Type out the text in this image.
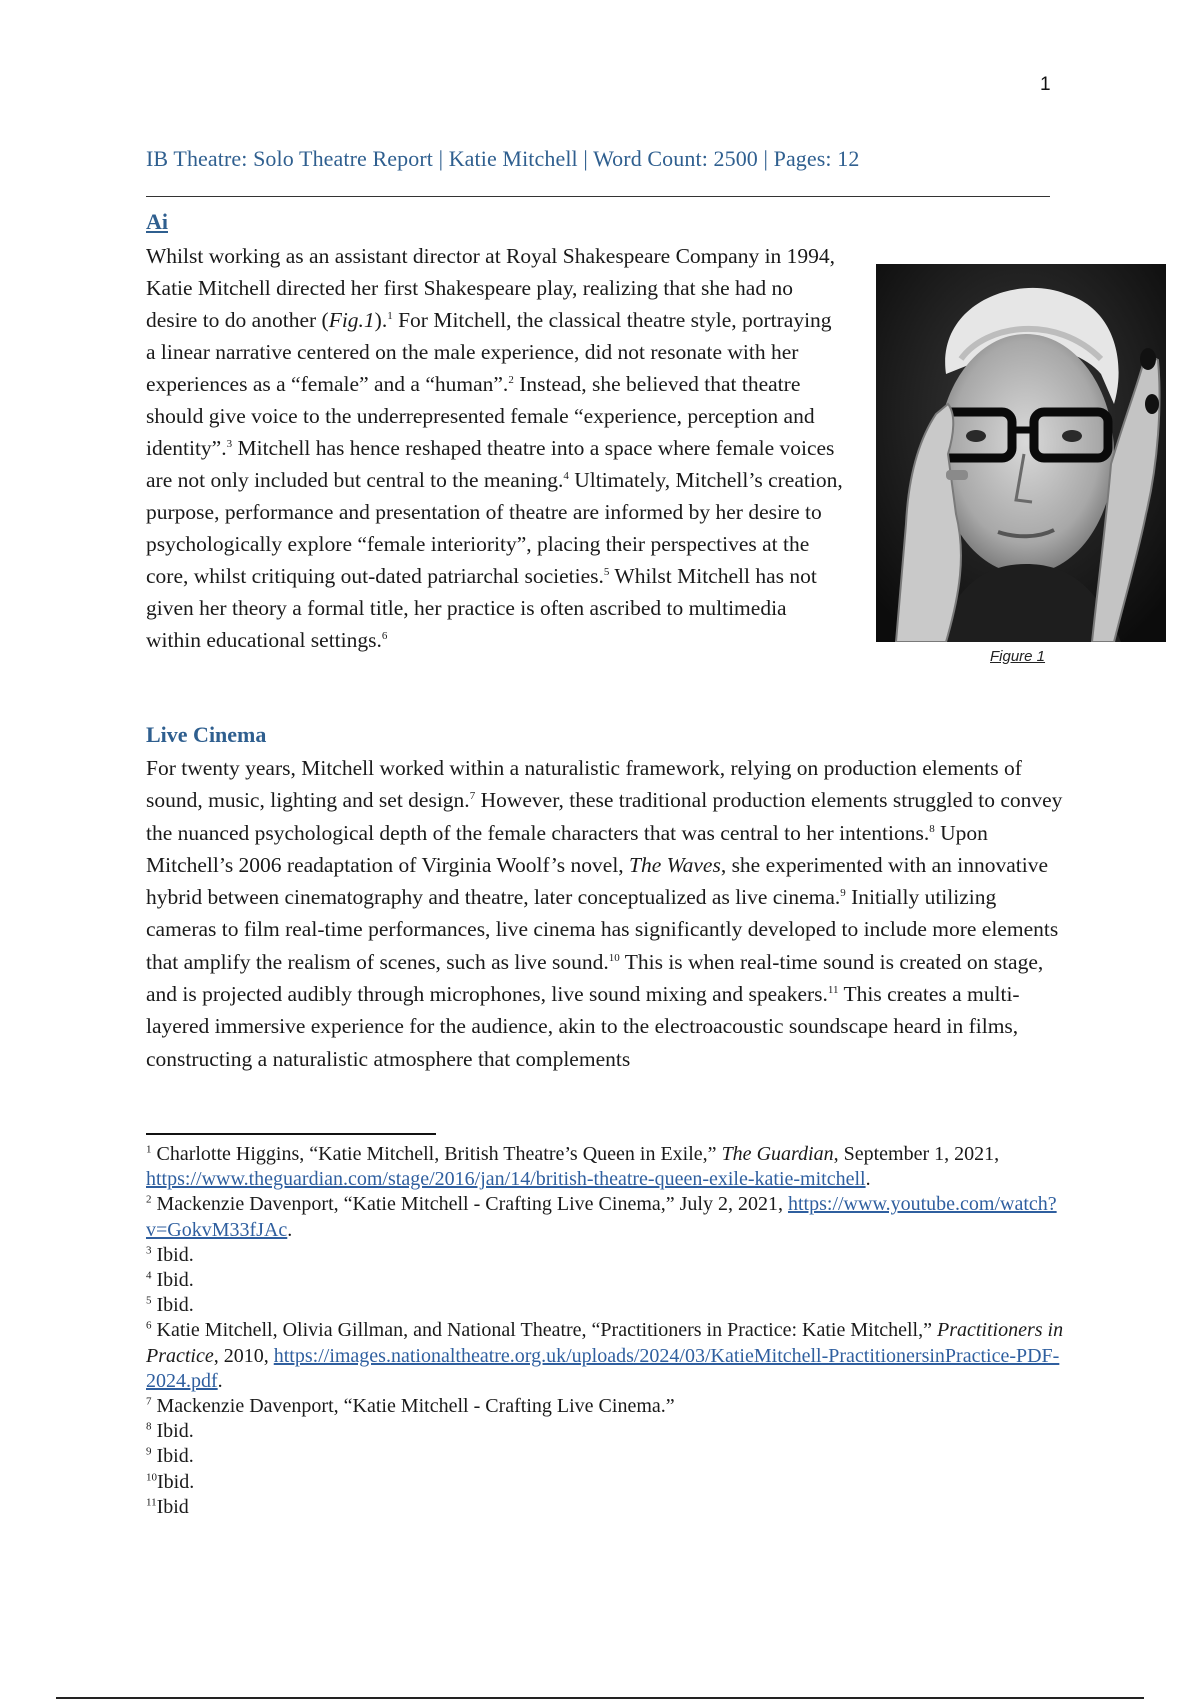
1
IB Theatre: Solo Theatre Report | Katie Mitchell | Word Count: 2500 | Pages: 12
Ai

Whilst working as an assistant director at Royal Shakespeare Company in 1994, Katie Mitchell directed her first Shakespeare play, realizing that she had no desire to do another (Fig.1).$^1$ For Mitchell, the classical theatre style, portraying a linear narrative centered on the male experience, did not resonate with her experiences as a “female” and a “human”.$^2$ Instead, she believed that theatre should give voice to the underrepresented female “experience, perception and identity”.$^3$ Mitchell has hence reshaped theatre into a space where female voices are not only included but central to the meaning.$^4$ Ultimately, Mitchell’s creation, purpose, performance and presentation of theatre are informed by her desire to psychologically explore “female interiority”, placing their perspectives at the core, whilst critiquing out-dated patriarchal societies.$^5$ Whilst Mitchell has not given her theory a formal title, her practice is often ascribed to multimedia within educational settings.$^6$

Figure 1
Live Cinema

For twenty years, Mitchell worked within a naturalistic framework, relying on production elements of sound, music, lighting and set design.$^7$ However, these traditional production elements struggled to convey the nuanced psychological depth of the female characters that was central to her intentions.$^8$ Upon Mitchell’s 2006 readaptation of Virginia Woolf’s novel, The Waves, she experimented with an innovative hybrid between cinematography and theatre, later conceptualized as live cinema.$^9$ Initially utilizing cameras to film real-time performances, live cinema has significantly developed to include more elements that amplify the realism of scenes, such as live sound.$^{10}$ This is when real-time sound is created on stage, and is projected audibly through microphones, live sound mixing and speakers.$^{11}$ This creates a multi-layered immersive experience for the audience, akin to the electroacoustic soundscape heard in films, constructing a naturalistic atmosphere that complements

$^1$ Charlotte Higgins, “Katie Mitchell, British Theatre’s Queen in Exile,” The Guardian, September 1, 2021, https://www.theguardian.com/stage/2016/jan/14/british-theatre-queen-exile-katie-mitchell.

$^2$ Mackenzie Davenport, “Katie Mitchell - Crafting Live Cinema,” July 2, 2021, https://www.youtube.com/watch?v=GokvM33fJAc.

$^3$ Ibid.

$^4$ Ibid.

$^5$ Ibid.

$^6$ Katie Mitchell, Olivia Gillman, and National Theatre, “Practitioners in Practice: Katie Mitchell,” Practitioners in Practice, 2010, https://images.nationaltheatre.org.uk/uploads/2024/03/KatieMitchell-PractitionersinPractice-PDF-2024.pdf.

$^7$ Mackenzie Davenport, “Katie Mitchell - Crafting Live Cinema.”

$^8$ Ibid.

$^9$ Ibid.

$^{10}$Ibid.

$^{11}$Ibid
